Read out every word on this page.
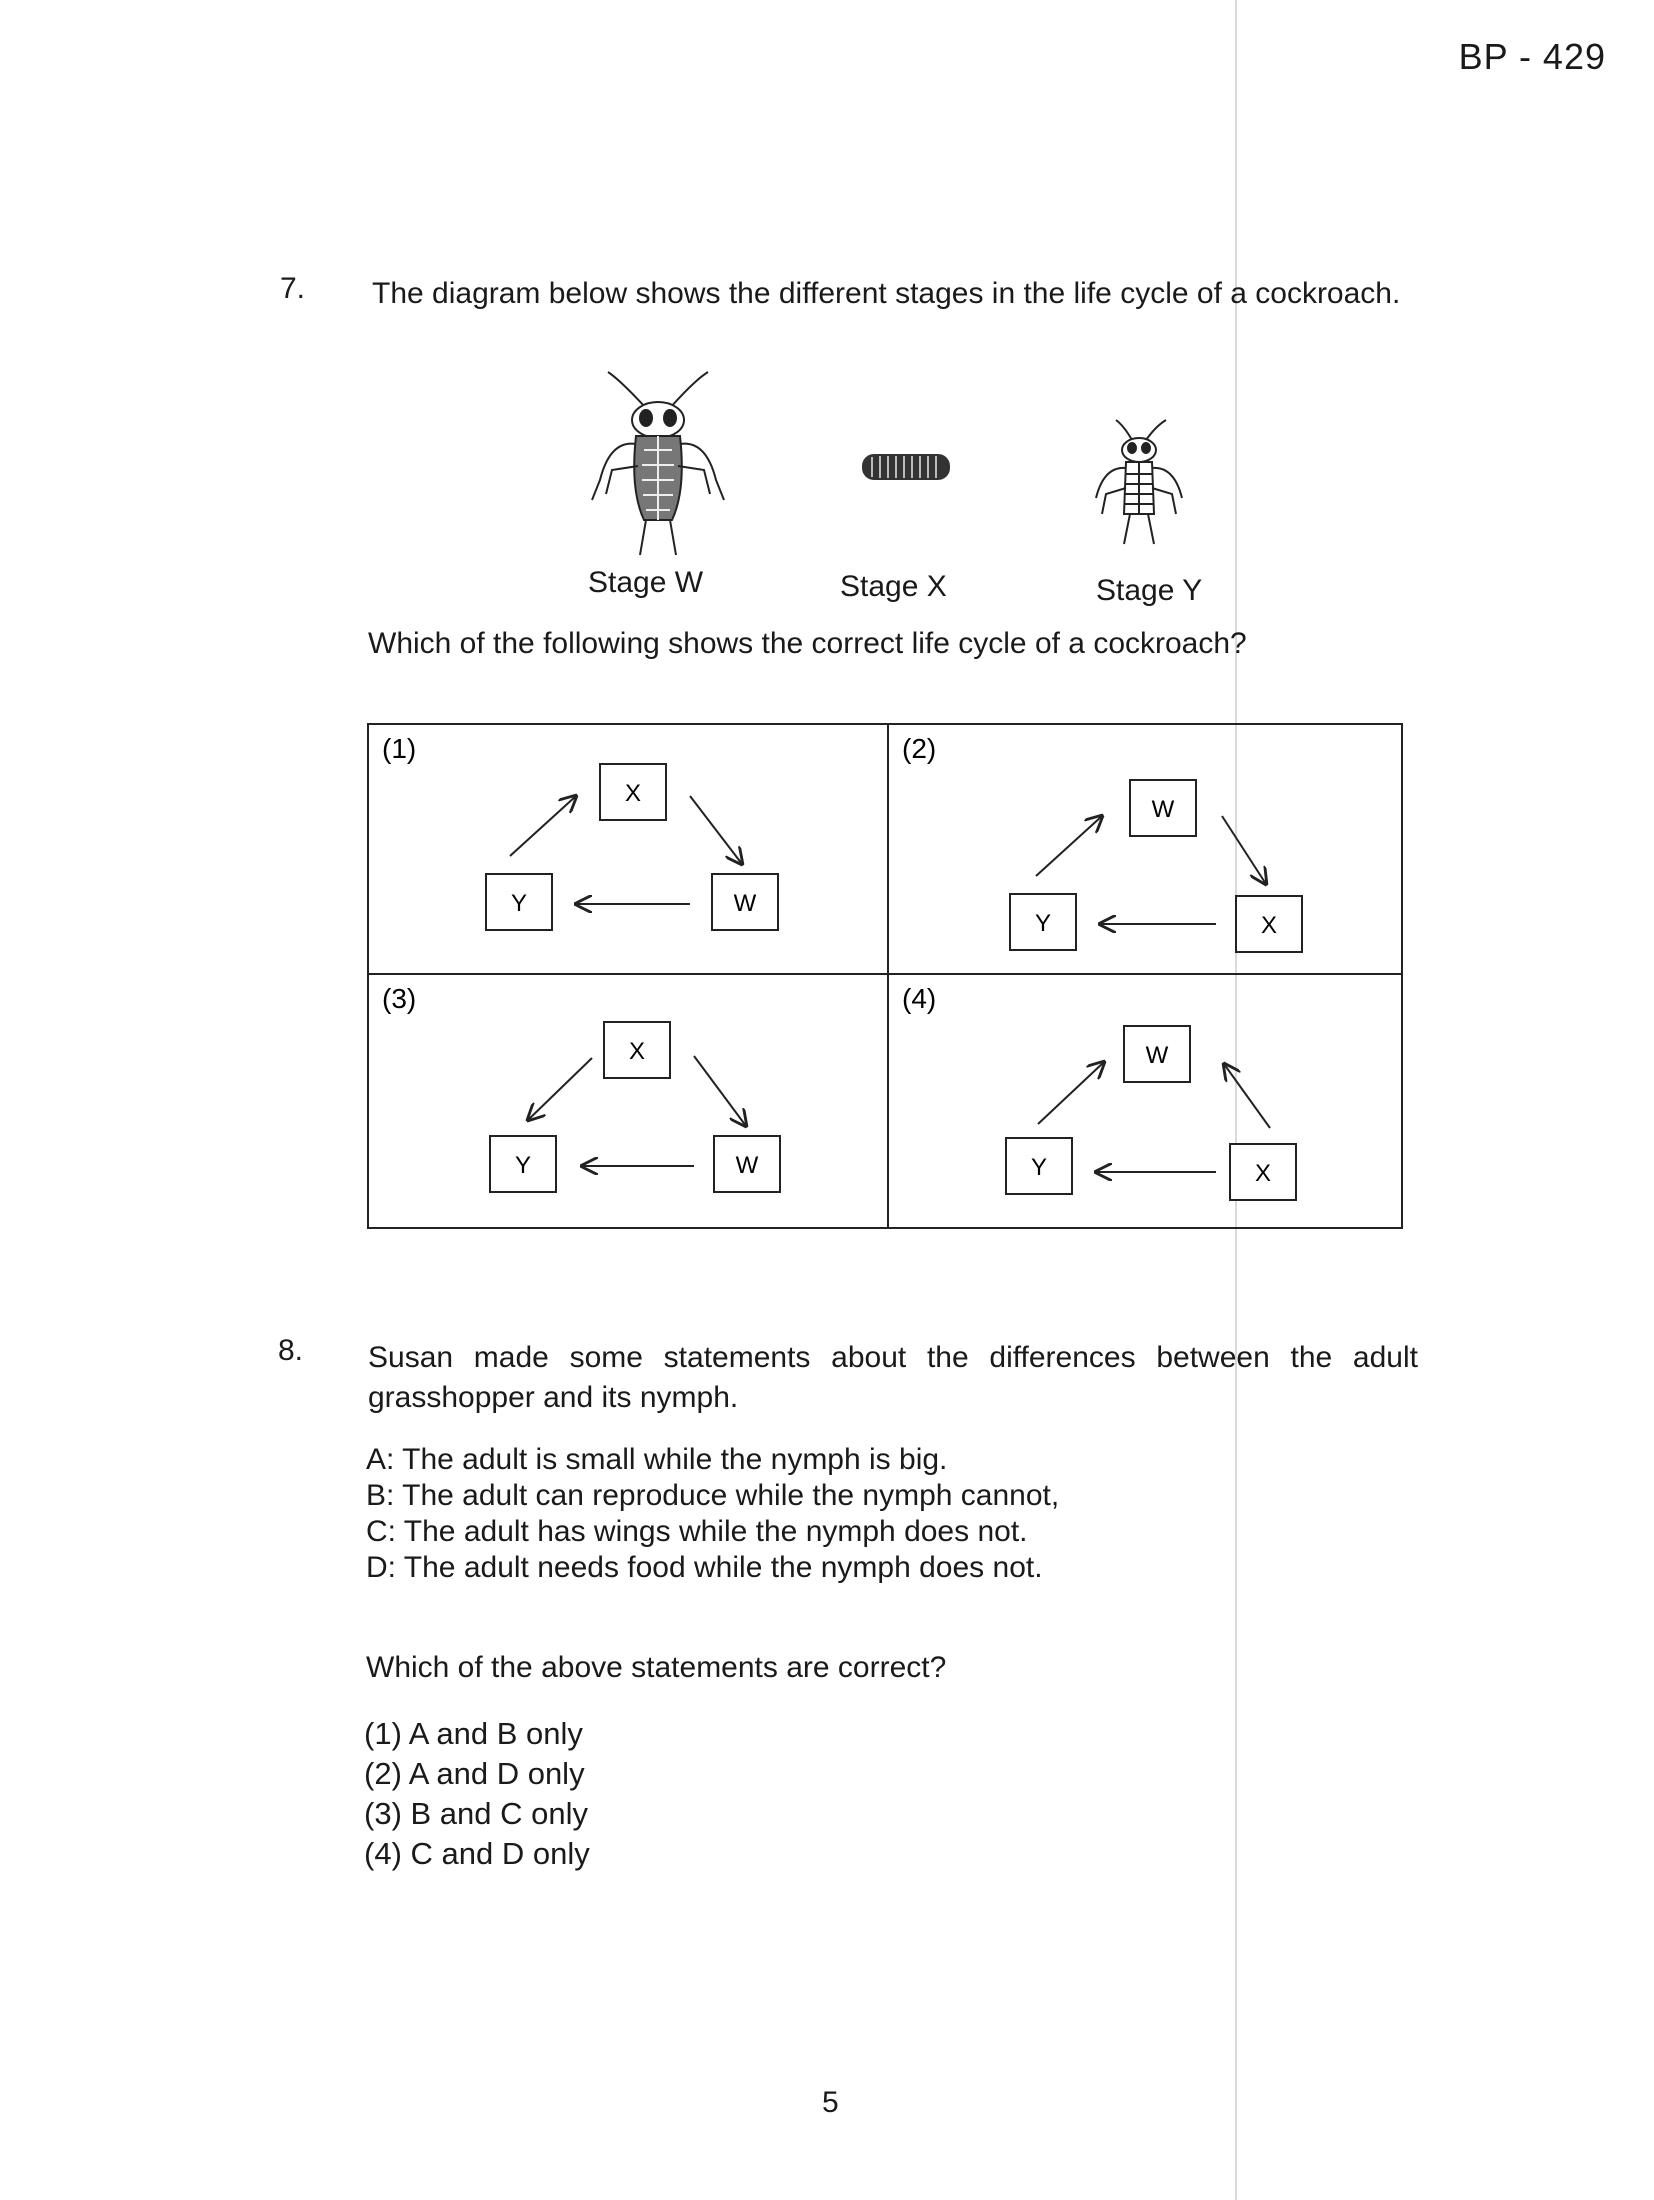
BP - 429
7. The diagram below shows the different stages in the life cycle of a cockroach.
Stage W	Stage X	Stage Y
Which of the following shows the correct life cycle of a cockroach?
(1)
X
Y	W
(2)
W
Y	X
(3)
X
Y	W
(4)
W
Y	X
8. Susan made some statements about the differences between the adult
grasshopper and its nymph.
A: The adult is small while the nymph is big.
B: The adult can reproduce while the nymph cannot,
C: The adult has wings while the nymph does not.
D: The adult needs food while the nymph does not.
Which of the above statements are correct?
(1) A and B only
(2) A and D only
(3) B and C only
(4) C and D only
5
